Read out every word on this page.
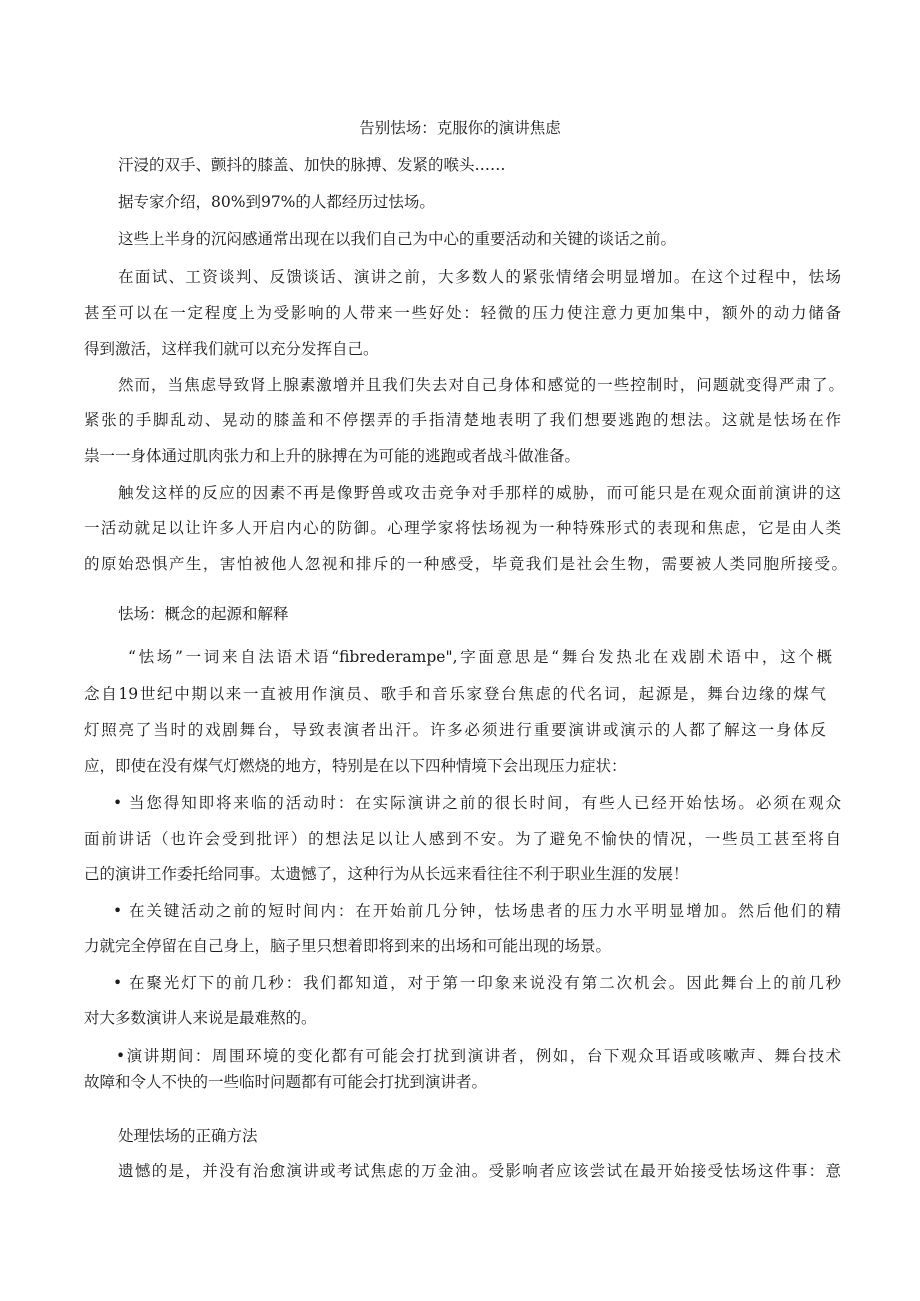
告别怯场：克服你的演讲焦虑
汗浸的双手、颤抖的膝盖、加快的脉搏、发紧的喉头……
据专家介绍，80%到97%的人都经历过怯场。
这些上半身的沉闷感通常出现在以我们自己为中心的重要活动和关键的谈话之前。
在面试、工资谈判、反馈谈话、演讲之前，大多数人的紧张情绪会明显增加。在这个过程中，怯场
甚至可以在一定程度上为受影响的人带来一些好处：轻微的压力使注意力更加集中，额外的动力储备
得到激活，这样我们就可以充分发挥自己。
然而，当焦虑导致肾上腺素激增并且我们失去对自己身体和感觉的一些控制时，问题就变得严肃了。
紧张的手脚乱动、晃动的膝盖和不停摆弄的手指清楚地表明了我们想要逃跑的想法。这就是怯场在作
祟一一身体通过肌肉张力和上升的脉搏在为可能的逃跑或者战斗做准备。
触发这样的反应的因素不再是像野兽或攻击竞争对手那样的威胁，而可能只是在观众面前演讲的这
一活动就足以让许多人开启内心的防御。心理学家将怯场视为一种特殊形式的表现和焦虑，它是由人类
的原始恐惧产生，害怕被他人忽视和排斥的一种感受，毕竟我们是社会生物，需要被人类同胞所接受。
怯场：概念的起源和解释
“怯场”一词来自法语术语“fibrederampe",字面意思是“舞台发热北在戏剧术语中，这个概
念自19世纪中期以来一直被用作演员、歌手和音乐家登台焦虑的代名词，起源是，舞台边缘的煤气
灯照亮了当时的戏剧舞台，导致表演者出汗。许多必须进行重要演讲或演示的人都了解这一身体反
应，即使在没有煤气灯燃烧的地方，特别是在以下四种情境下会出现压力症状：
• 当您得知即将来临的活动时：在实际演讲之前的很长时间，有些人已经开始怯场。必须在观众
面前讲话（也许会受到批评）的想法足以让人感到不安。为了避免不愉快的情况，一些员工甚至将自
己的演讲工作委托给同事。太遗憾了，这种行为从长远来看往往不利于职业生涯的发展！
• 在关键活动之前的短时间内：在开始前几分钟，怯场患者的压力水平明显增加。然后他们的精
力就完全停留在自己身上，脑子里只想着即将到来的出场和可能出现的场景。
• 在聚光灯下的前几秒：我们都知道，对于第一印象来说没有第二次机会。因此舞台上的前几秒
对大多数演讲人来说是最难熬的。
•演讲期间：周围环境的变化都有可能会打扰到演讲者，例如，台下观众耳语或咳嗽声、舞台技术
故障和令人不快的一些临时问题都有可能会打扰到演讲者。
处理怯场的正确方法
遗憾的是，并没有治愈演讲或考试焦虑的万金油。受影响者应该尝试在最开始接受怯场这件事：意
